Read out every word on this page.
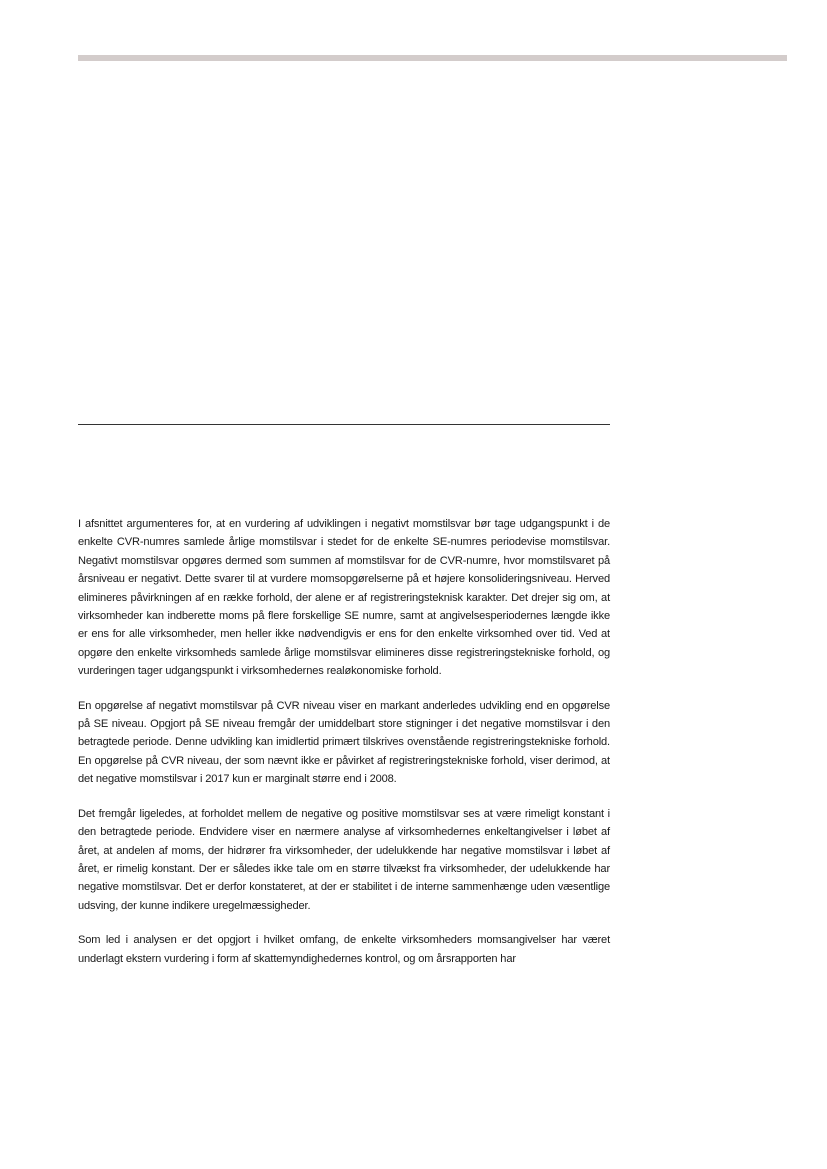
I afsnittet argumenteres for, at en vurdering af udviklingen i negativt momstilsvar bør tage udgangspunkt i de enkelte CVR-numres samlede årlige momstilsvar i stedet for de enkelte SE-numres periodevise momstilsvar. Negativt momstilsvar opgøres dermed som summen af momstilsvar for de CVR-numre, hvor momstilsvaret på årsniveau er negativt. Dette svarer til at vurdere momsopgørelserne på et højere konsolideringsniveau. Herved elimineres påvirkningen af en række forhold, der alene er af registreringsteknisk karakter. Det drejer sig om, at virksomheder kan indberette moms på flere forskellige SE numre, samt at angivelsesperiodernes længde ikke er ens for alle virksomheder, men heller ikke nødvendigvis er ens for den enkelte virksomhed over tid. Ved at opgøre den enkelte virksomheds samlede årlige momstilsvar elimineres disse registreringstekniske forhold, og vurderingen tager udgangspunkt i virksomhedernes realøkonomiske forhold.

En opgørelse af negativt momstilsvar på CVR niveau viser en markant anderledes udvikling end en opgørelse på SE niveau. Opgjort på SE niveau fremgår der umiddelbart store stigninger i det negative momstilsvar i den betragtede periode. Denne udvikling kan imidlertid primært tilskrives ovenstående registreringstekniske forhold. En opgørelse på CVR niveau, der som nævnt ikke er påvirket af registreringstekniske forhold, viser derimod, at det negative momstilsvar i 2017 kun er marginalt større end i 2008.

Det fremgår ligeledes, at forholdet mellem de negative og positive momstilsvar ses at være rimeligt konstant i den betragtede periode. Endvidere viser en nærmere analyse af virksomhedernes enkeltangivelser i løbet af året, at andelen af moms, der hidrører fra virksomheder, der udelukkende har negative momstilsvar i løbet af året, er rimelig konstant. Der er således ikke tale om en større tilvækst fra virksomheder, der udelukkende har negative momstilsvar. Det er derfor konstateret, at der er stabilitet i de interne sammenhænge uden væsentlige udsving, der kunne indikere uregelmæssigheder.

Som led i analysen er det opgjort i hvilket omfang, de enkelte virksomheders momsangivelser har været underlagt ekstern vurdering i form af skattemyndighedernes kontrol, og om årsrapporten har
